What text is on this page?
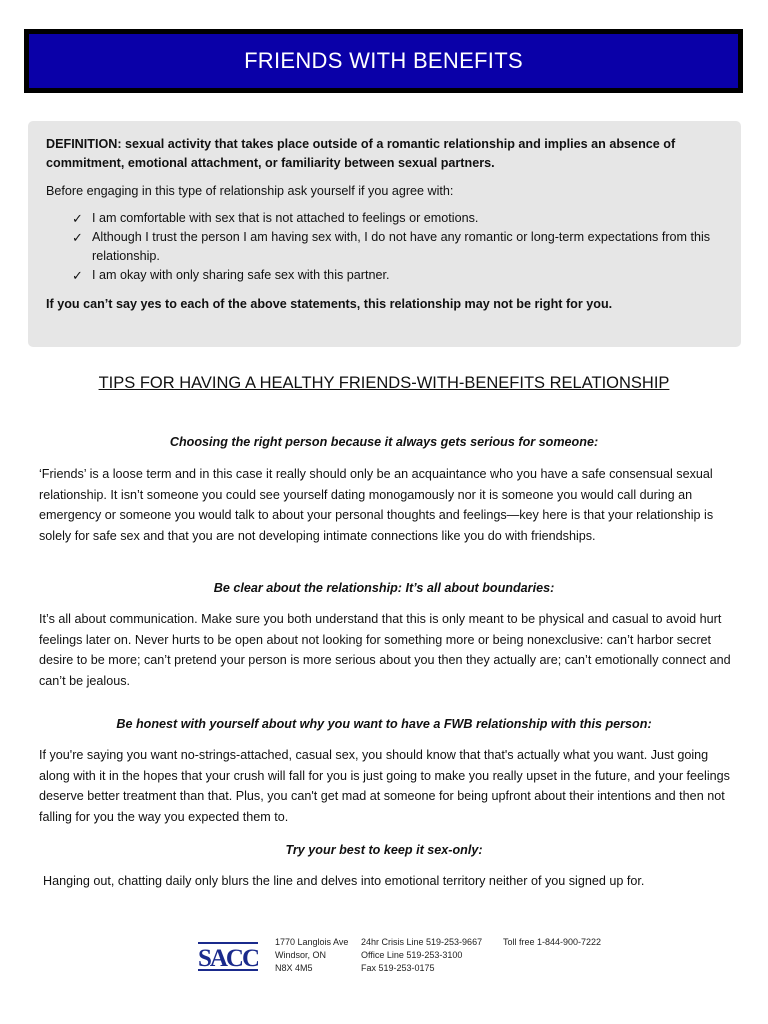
FRIENDS WITH BENEFITS

DEFINITION: sexual activity that takes place outside of a romantic relationship and implies an absence of commitment, emotional attachment, or familiarity between sexual partners.

Before engaging in this type of relationship ask yourself if you agree with:

✓ I am comfortable with sex that is not attached to feelings or emotions.
✓ Although I trust the person I am having sex with, I do not have any romantic or long-term expectations from this relationship.
✓ I am okay with only sharing safe sex with this partner.

If you can’t say yes to each of the above statements, this relationship may not be right for you.

TIPS FOR HAVING A HEALTHY FRIENDS-WITH-BENEFITS RELATIONSHIP
Choosing the right person because it always gets serious for someone:

‘Friends’ is a loose term and in this case it really should only be an acquaintance who you have a safe consensual sexual relationship. It isn’t someone you could see yourself dating monogamously nor it is someone you would call during an emergency or someone you would talk to about your personal thoughts and feelings—key here is that your relationship is solely for safe sex and that you are not developing intimate connections like you do with friendships.

Be clear about the relationship: It’s all about boundaries:

It’s all about communication. Make sure you both understand that this is only meant to be physical and casual to avoid hurt feelings later on. Never hurts to be open about not looking for something more or being nonexclusive: can’t harbor secret desire to be more; can’t pretend your person is more serious about you then they actually are; can’t emotionally connect and can’t be jealous.

Be honest with yourself about why you want to have a FWB relationship with this person:

If you're saying you want no-strings-attached, casual sex, you should know that that's actually what you want. Just going along with it in the hopes that your crush will fall for you is just going to make you really upset in the future, and your feelings deserve better treatment than that. Plus, you can't get mad at someone for being upfront about their intentions and then not falling for you the way you expected them to.

Try your best to keep it sex-only:

Hanging out, chatting daily only blurs the line and delves into emotional territory neither of you signed up for.

SACC
1770 Langlois Ave
Windsor, ON
N8X 4M5
24hr Crisis Line 519-253-9667
Office Line 519-253-3100
Fax 519-253-0175
Toll free 1-844-900-7222
